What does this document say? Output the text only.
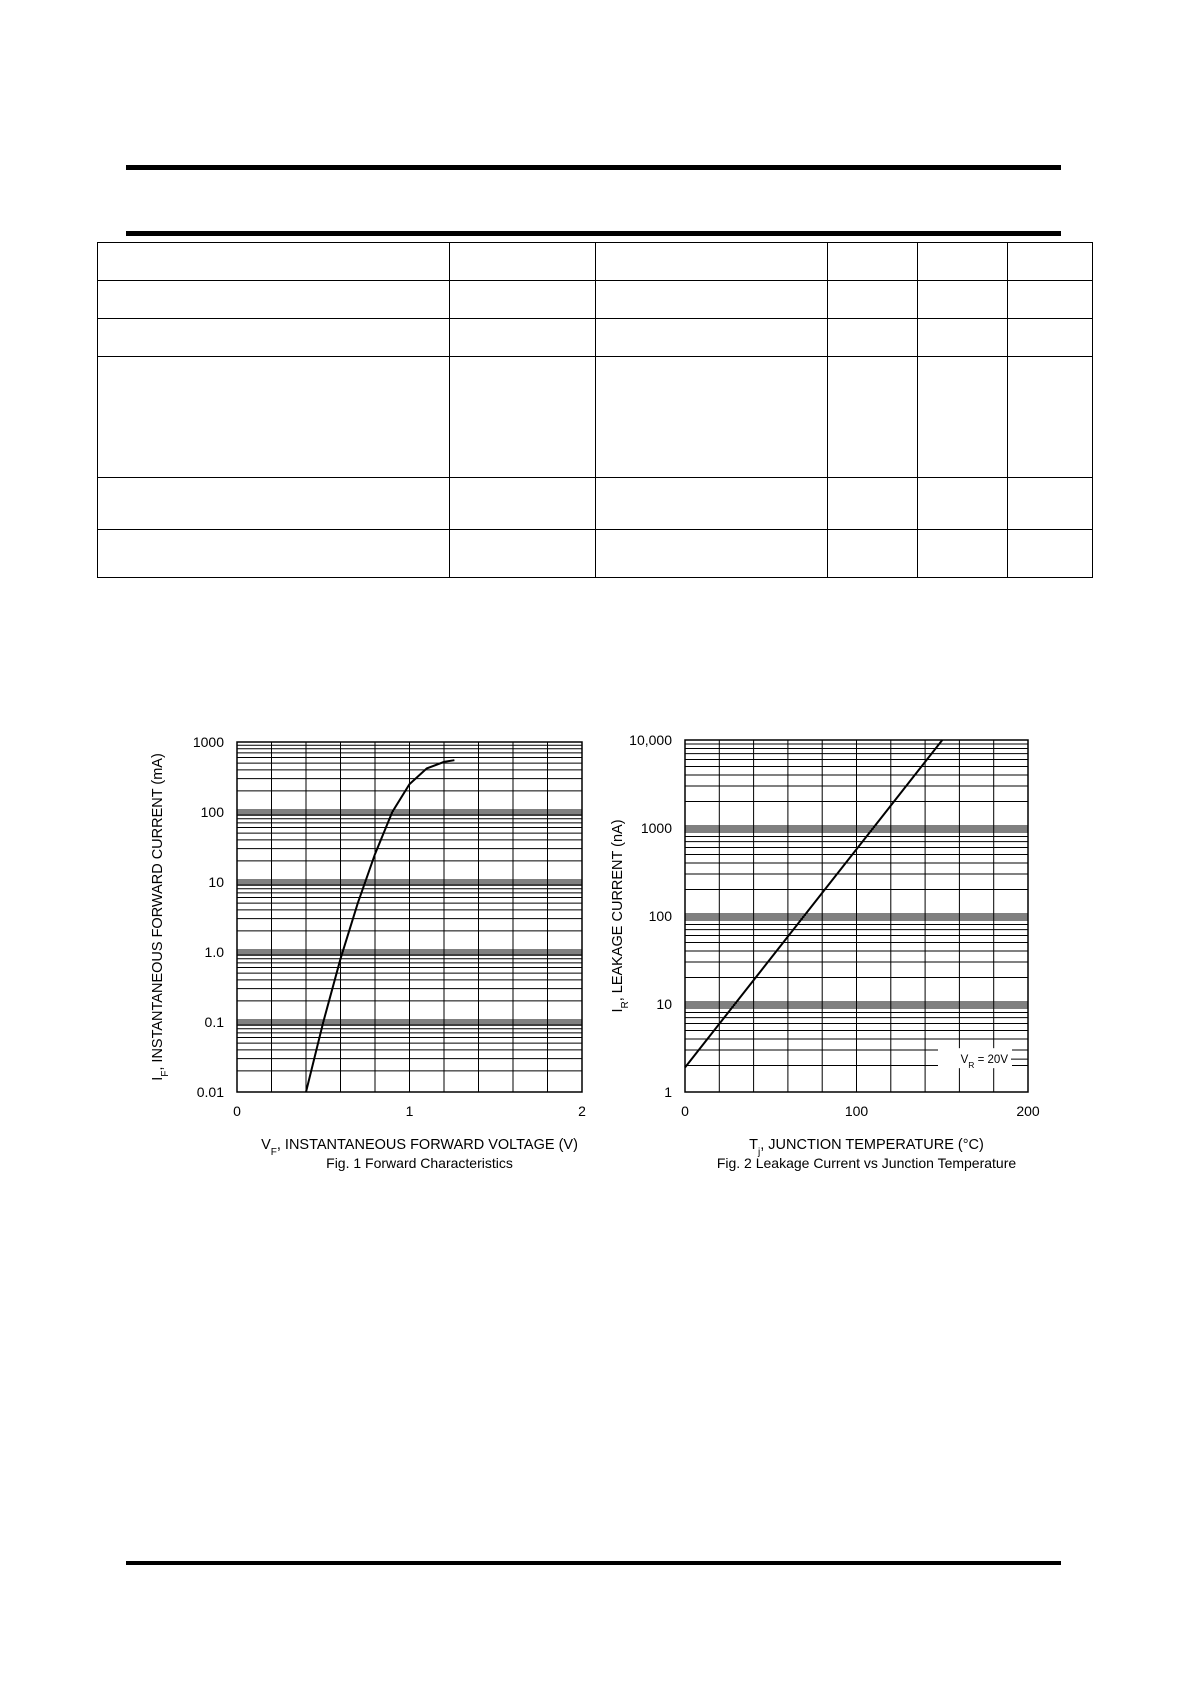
0.01
0.1
1.0
10
100
1000
0	1	2
$V_F$, INSTANTANEOUS FORWARD VOLTAGE (V)
$I_F$, INSTANTANEOUS FORWARD CURRENT (mA)
Fig. 1 Forward Characteristics
1
10
100
1000
10,000
0	100	200
$T_j$, JUNCTION TEMPERATURE (°C)
$I_R$, LEAKAGE CURRENT (nA)
Fig. 2 Leakage Current vs Junction Temperature
$V_R = 20V$
